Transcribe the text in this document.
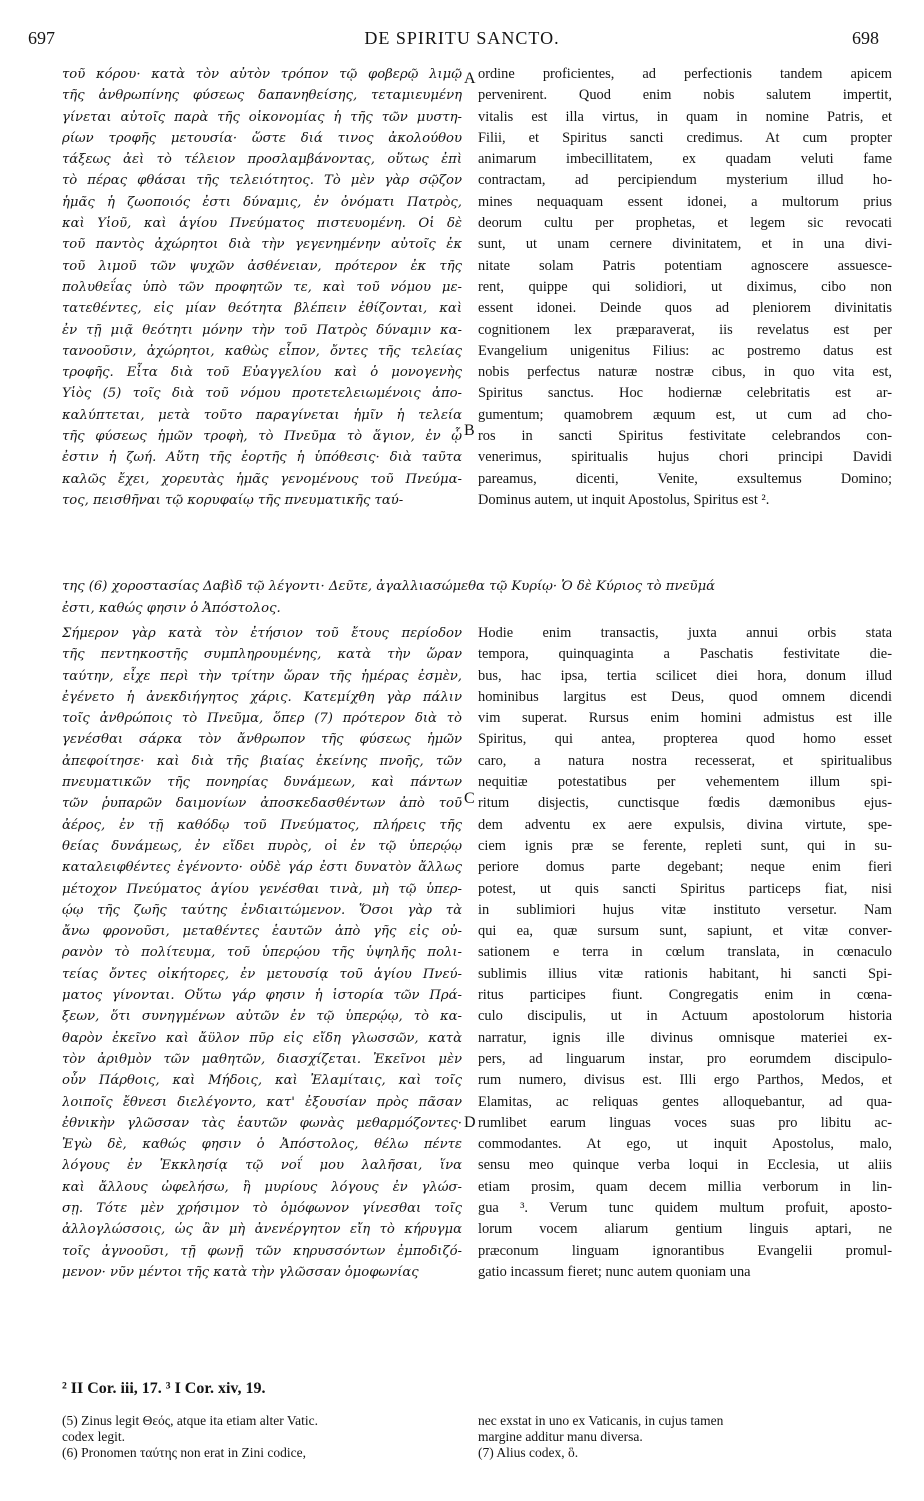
697	DE SPIRITU SANCTO.	698
τοῦ κόρου· κατὰ τὸν αὐτὸν τρόπον τῷ φοβερῷ λιμῷ
τῆς ἀνθρωπίνης φύσεως δαπανηθείσης, τεταμιευμένη
γίνεται αὐτοῖς παρὰ τῆς οἰκονομίας ἡ τῆς τῶν μυστη-
ρίων τροφῆς μετουσία· ὥστε διά τινος ἀκολούθου
τάξεως ἀεὶ τὸ τέλειον προσλαμβάνοντας, οὕτως ἐπὶ
τὸ πέρας φθάσαι τῆς τελειότητος. Τὸ μὲν γὰρ σῷζον
ἡμᾶς ἡ ζωοποιός ἐστι δύναμις, ἐν ὀνόματι Πατρὸς,
καὶ Υἱοῦ, καὶ ἁγίου Πνεύματος πιστευομένη. Οἱ δὲ
τοῦ παντὸς ἀχώρητοι διὰ τὴν γεγενημένην αὐτοῖς ἐκ
τοῦ λιμοῦ τῶν ψυχῶν ἀσθένειαν, πρότερον ἐκ τῆς
πολυθεΐας ὑπὸ τῶν προφητῶν τε, καὶ τοῦ νόμου με-
τατεθέντες, εἰς μίαν θεότητα βλέπειν ἐθίζονται, καὶ
ἐν τῇ μιᾷ θεότητι μόνην τὴν τοῦ Πατρὸς δύναμιν κα-
τανοοῦσιν, ἀχώρητοι, καθὼς εἶπον, ὄντες τῆς τελείας
τροφῆς. Εἶτα διὰ τοῦ Εὐαγγελίου καὶ ὁ μονογενὴς
Υἱὸς (5) τοῖς διὰ τοῦ νόμου προτετελειωμένοις ἀπο-
καλύπτεται, μετὰ τοῦτο παραγίνεται ἡμῖν ἡ τελεία
τῆς φύσεως ἡμῶν τροφὴ, τὸ Πνεῦμα τὸ ἅγιον, ἐν ᾧ
ἐστιν ἡ ζωή. Αὕτη τῆς ἑορτῆς ἡ ὑπόθεσις· διὰ ταῦτα
καλῶς ἔχει, χορευτὰς ἡμᾶς γενομένους τοῦ Πνεύμα-
τος, πεισθῆναι τῷ κορυφαίῳ τῆς πνευματικῆς ταύ-
ordine proficientes, ad perfectionis tandem apicem
pervenirent. Quod enim nobis salutem impertit,
vitalis est illa virtus, in quam in nomine Patris, et
Filii, et Spiritus sancti credimus. At cum propter
animarum imbecillitatem, ex quadam veluti fame
contractam, ad percipiendum mysterium illud ho-
mines nequaquam essent idonei, a multorum prius
deorum cultu per prophetas, et legem sic revocati
sunt, ut unam cernere divinitatem, et in una divi-
nitate solam Patris potentiam agnoscere assuesce-
rent, quippe qui solidiori, ut diximus, cibo non
essent idonei. Deinde quos ad pleniorem divinitatis
cognitionem lex præparaverat, iis revelatus est per
Evangelium unigenitus Filius: ac postremo datus est
nobis perfectus naturæ nostræ cibus, in quo vita est,
Spiritus sanctus. Hoc hodiernæ celebritatis est ar-
gumentum; quamobrem æquum est, ut cum ad cho-
ros in sancti Spiritus festivitate celebrandos con-
venerimus, spiritualis hujus chori principi Davidi
pareamus, dicenti, Venite, exsultemus Domino;
Dominus autem, ut inquit Apostolus, Spiritus est ².
της (6) χοροστασίας Δαβὶδ τῷ λέγοντι· Δεῦτε, ἀγαλλιασώμεθα τῷ Κυρίῳ· Ὁ δὲ Κύριος τὸ πνεῦμά
ἐστι, καθώς φησιν ὁ Ἀπόστολος.
Σήμερον γὰρ κατὰ τὸν ἐτήσιον τοῦ ἔτους περίοδον
τῆς πεντηκοστῆς συμπληρουμένης, κατὰ τὴν ὥραν
ταύτην, εἶχε περὶ τὴν τρίτην ὥραν τῆς ἡμέρας ἐσμὲν,
ἐγένετο ἡ ἀνεκδιήγητος χάρις. Κατεμίχθη γὰρ πάλιν
τοῖς ἀνθρώποις τὸ Πνεῦμα, ὅπερ (7) πρότερον διὰ τὸ
γενέσθαι σάρκα τὸν ἄνθρωπον τῆς φύσεως ἡμῶν
ἀπεφοίτησε· καὶ διὰ τῆς βιαίας ἐκείνης πνοῆς, τῶν
πνευματικῶν τῆς πονηρίας δυνάμεων, καὶ πάντων
τῶν ῥυπαρῶν δαιμονίων ἀποσκεδασθέντων ἀπὸ τοῦ
ἀέρος, ἐν τῇ καθόδῳ τοῦ Πνεύματος, πλήρεις τῆς
θείας δυνάμεως, ἐν εἴδει πυρὸς, οἱ ἐν τῷ ὑπερῴῳ
καταλειφθέντες ἐγένοντο· οὐδὲ γάρ ἐστι δυνατὸν ἄλλως
μέτοχον Πνεύματος ἁγίου γενέσθαι τινὰ, μὴ τῷ ὑπερ-
ῴῳ τῆς ζωῆς ταύτης ἐνδιαιτώμενον. Ὅσοι γὰρ τὰ
ἄνω φρονοῦσι, μεταθέντες ἑαυτῶν ἀπὸ γῆς εἰς οὐ-
ρανὸν τὸ πολίτευμα, τοῦ ὑπερῴου τῆς ὑψηλῆς πολι-
τείας ὄντες οἰκήτορες, ἐν μετουσίᾳ τοῦ ἁγίου Πνεύ-
ματος γίνονται. Οὕτω γάρ φησιν ἡ ἱστορία τῶν Πρά-
ξεων, ὅτι συνηγμένων αὐτῶν ἐν τῷ ὑπερῴῳ, τὸ κα-
θαρὸν ἐκεῖνο καὶ ἄϋλον πῦρ εἰς εἴδη γλωσσῶν, κατὰ
τὸν ἀριθμὸν τῶν μαθητῶν, διασχίζεται. Ἐκεῖνοι μὲν
οὖν Πάρθοις, καὶ Μήδοις, καὶ Ἐλαμίταις, καὶ τοῖς
λοιποῖς ἔθνεσι διελέγοντο, κατ' ἐξουσίαν πρὸς πᾶσαν
ἐθνικὴν γλῶσσαν τὰς ἑαυτῶν φωνὰς μεθαρμόζοντες·
Ἐγὼ δὲ, καθώς φησιν ὁ Ἀπόστολος, θέλω πέντε
λόγους ἐν Ἐκκλησίᾳ τῷ νοΐ μου λαλῆσαι, ἵνα
καὶ ἄλλους ὠφελήσω, ἢ μυρίους λόγους ἐν γλώσ-
σῃ. Τότε μὲν χρήσιμον τὸ ὁμόφωνον γίνεσθαι τοῖς
ἀλλογλώσσοις, ὡς ἂν μὴ ἀνενέργητον εἴη τὸ κήρυγμα
τοῖς ἀγνοοῦσι, τῇ φωνῇ τῶν κηρυσσόντων ἐμποδιζό-
μενον· νῦν μέντοι τῆς κατὰ τὴν γλῶσσαν ὁμοφωνίας
Hodie enim transactis, juxta annui orbis stata
tempora, quinquaginta a Paschatis festivitate die-
bus, hac ipsa, tertia scilicet diei hora, donum illud
hominibus largitus est Deus, quod omnem dicendi
vim superat. Rursus enim homini admistus est ille
Spiritus, qui antea, propterea quod homo esset
caro, a natura nostra recesserat, et spiritualibus
nequitiæ potestatibus per vehementem illum spi-
ritum disjectis, cunctisque fœdis dæmonibus ejus-
dem adventu ex aere expulsis, divina virtute, spe-
ciem ignis præ se ferente, repleti sunt, qui in su-
periore domus parte degebant; neque enim fieri
potest, ut quis sancti Spiritus particeps fiat, nisi
in sublimiori hujus vitæ instituto versetur. Nam
qui ea, quæ sursum sunt, sapiunt, et vitæ conver-
sationem e terra in cœlum translata, in cœnaculo
sublimis illius vitæ rationis habitant, hi sancti Spi-
ritus participes fiunt. Congregatis enim in cœna-
culo discipulis, ut in Actuum apostolorum historia
narratur, ignis ille divinus omnisque materiei ex-
pers, ad linguarum instar, pro eorumdem discipulo-
rum numero, divisus est. Illi ergo Parthos, Medos, et
Elamitas, ac reliquas gentes alloquebantur, ad qua-
rumlibet earum linguas voces suas pro libitu ac-
commodantes. At ego, ut inquit Apostolus, malo,
sensu meo quinque verba loqui in Ecclesia, ut aliis
etiam prosim, quam decem millia verborum in lin-
gua ³. Verum tunc quidem multum profuit, aposto-
lorum vocem aliarum gentium linguis aptari, ne
præconum linguam ignorantibus Evangelii promul-
gatio incassum fieret; nunc autem quoniam una
A
B
C
D
² II Cor. iii, 17. ³ I Cor. xiv, 19.
(5) Zinus legit Θεός, atque ita etiam alter Vatic.
codex legit.
(6) Pronomen ταύτης non erat in Zini codice,
nec exstat in uno ex Vaticanis, in cujus tamen
margine additur manu diversa.
(7) Alius codex, ὃ.
